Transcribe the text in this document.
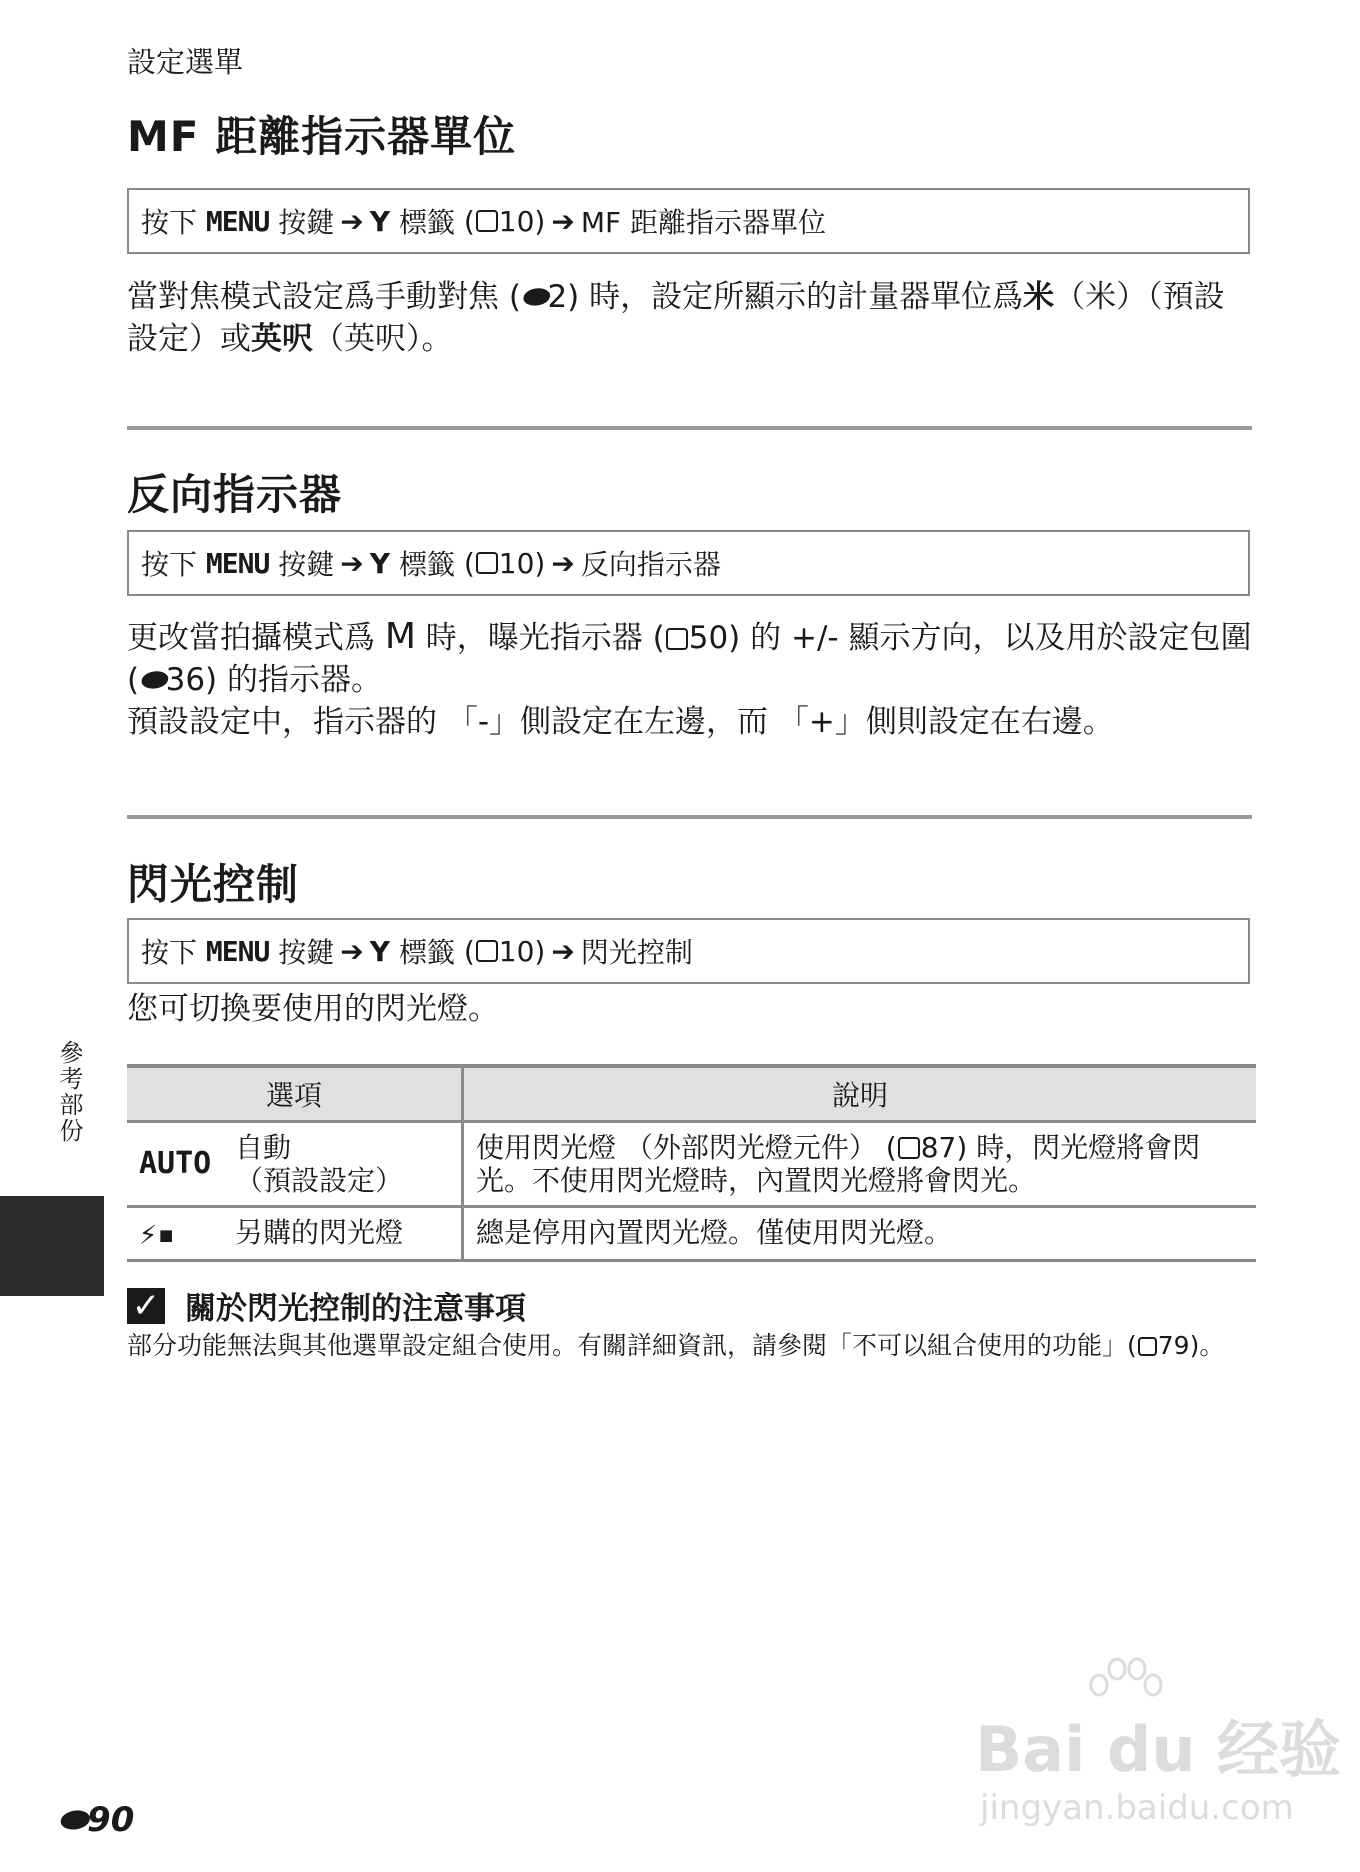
設定選單
MF 距離指示器單位
按下
MENU
按鍵 ➔ Y
標籤
( 10) ➔ MF 距離指示器單位

當對焦模式設定爲手動對焦 (⬬2) 時，設定所顯示的計量器單位爲米（米）（預設設定）或英呎（英呎）。

反向指示器
按下
MENU
按鍵 ➔ Y
標籤
( 10) ➔ 反向指示器

更改當拍攝模式爲 M 時，曝光指示器 ( 50) 的 +/- 顯示方向，以及用於設定包圍 (⬬36) 的指示器。

預設設定中，指示器的 「-」側設定在左邊，而 「+」側則設定在右邊。

閃光控制
按下
MENU
按鍵 ➔ Y
標籤
( 10) ➔ 閃光控制
您可切換要使用的閃光燈。
選項	說明

AUTO 自動
（預設設定）	使用閃光燈 （外部閃光燈元件） ( 87) 時，閃光燈將會閃光。不使用閃光燈時，內置閃光燈將會閃光。

⚡▪ 另購的閃光燈	總是停用內置閃光燈。僅使用閃光燈。
✓ 關於閃光控制的注意事項
部分功能無法與其他選單設定組合使用。有關詳細資訊，請參閱「不可以組合使用的功能」( 79)。
參考部份
⬬90
Bai du 经验
jingyan.baidu.com
